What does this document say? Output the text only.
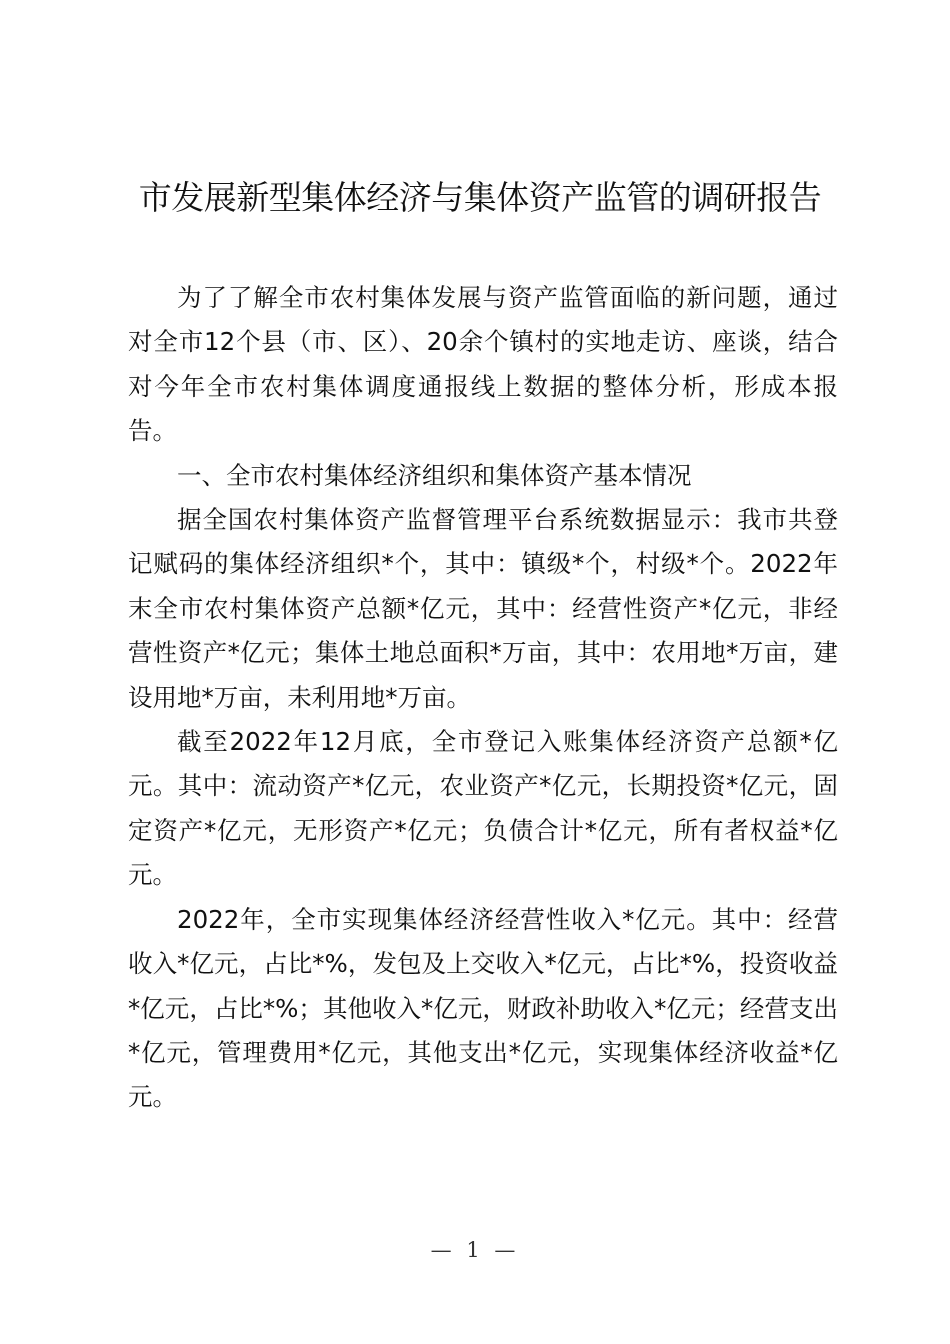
市发展新型集体经济与集体资产监管的调研报告

为了了解全市农村集体发展与资产监管面临的新问题，通过对全市12个县（市、区）、20余个镇村的实地走访、座谈，结合对今年全市农村集体调度通报线上数据的整体分析，形成本报告。

一、全市农村集体经济组织和集体资产基本情况

据全国农村集体资产监督管理平台系统数据显示：我市共登记赋码的集体经济组织*个，其中：镇级*个，村级*个。2022年末全市农村集体资产总额*亿元，其中：经营性资产*亿元，非经营性资产*亿元；集体土地总面积*万亩，其中：农用地*万亩，建设用地*万亩，未利用地*万亩。

截至2022年12月底，全市登记入账集体经济资产总额*亿元。其中：流动资产*亿元，农业资产*亿元，长期投资*亿元，固定资产*亿元，无形资产*亿元；负债合计*亿元，所有者权益*亿元。

2022年，全市实现集体经济经营性收入*亿元。其中：经营收入*亿元，占比*%，发包及上交收入*亿元，占比*%，投资收益*亿元，占比*%；其他收入*亿元，财政补助收入*亿元；经营支出*亿元，管理费用*亿元，其他支出*亿元，实现集体经济收益*亿元。

— 1 —
